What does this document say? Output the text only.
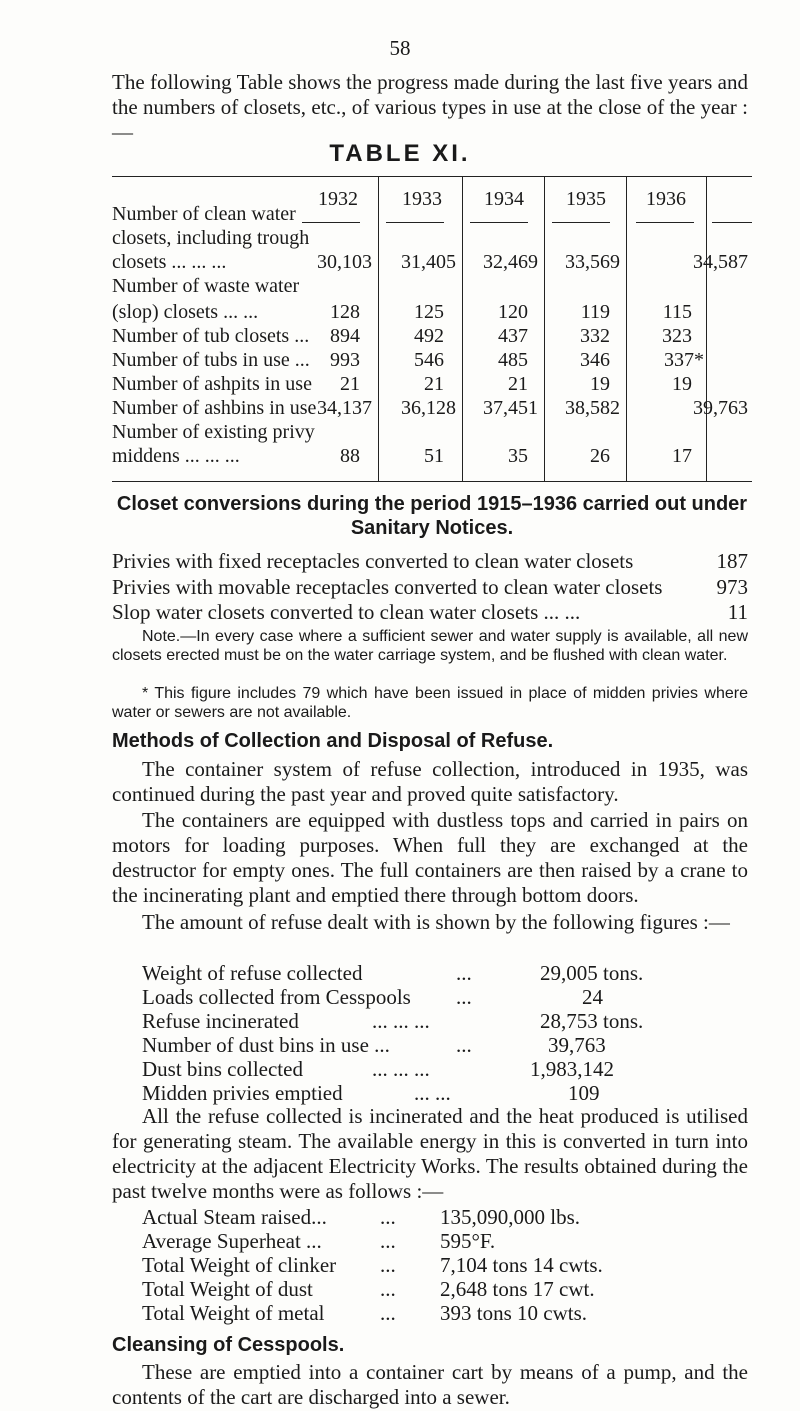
58
The following Table shows the progress made during the last five years and the numbers of closets, etc., of various types in use at the close of the year :—
TABLE XI.
1932	1933	1934	1935	1936
Number of clean water
closets, including trough
closets ... ... ...	30,103	31,405	32,469	33,569	34,587
Number of waste water
(slop) closets ... ...	128	125	120	119	115
Number of tub closets ...	894	492	437	332	323
Number of tubs in use ...	993	546	485	346	337*
Number of ashpits in use	21	21	21	19	19
Number of ashbins in use 34,137	36,128	37,451	38,582	39,763
Number of existing privy
middens ... ... ...	88	51	35	26	17
Closet conversions during the period 1915–1936 carried out under
Sanitary Notices.
Privies with fixed receptacles converted to clean water closets	187
Privies with movable receptacles converted to clean water closets	973
Slop water closets converted to clean water closets ... ...	11
Note.—In every case where a sufficient sewer and water supply is available, all new closets erected must be on the water carriage system, and be flushed with clean water.
* This figure includes 79 which have been issued in place of midden privies where water or sewers are not available.
Methods of Collection and Disposal of Refuse.
The container system of refuse collection, introduced in 1935, was continued during the past year and proved quite satisfactory.
The containers are equipped with dustless tops and carried in pairs on motors for loading purposes. When full they are exchanged at the destructor for empty ones. The full containers are then raised by a crane to the incinerating plant and emptied there through bottom doors.
The amount of refuse dealt with is shown by the following figures :—
Weight of refuse collected	...	29,005 tons.
Loads collected from Cesspools ...	24
Refuse incinerated	... ... ...	28,753 tons.
Number of dust bins in use ...	...	39,763
Dust bins collected	... ... ...	1,983,142
Midden privies emptied	... ...	109
All the refuse collected is incinerated and the heat produced is utilised for generating steam. The available energy in this is converted in turn into electricity at the adjacent Electricity Works. The results obtained during the past twelve months were as follows :—
Actual Steam raised...	... 135,090,000 lbs.
Average Superheat ...	... 595°F.
Total Weight of clinker ... 7,104 tons 14 cwts.
Total Weight of dust	... 2,648 tons 17 cwt.
Total Weight of metal	... 393 tons 10 cwts.
Cleansing of Cesspools.
These are emptied into a container cart by means of a pump, and the contents of the cart are discharged into a sewer.
